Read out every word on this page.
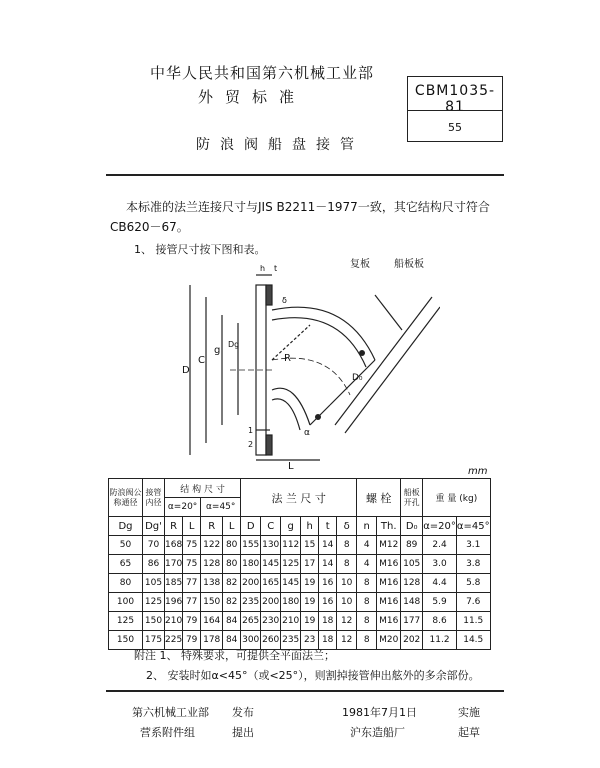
中华人民共和国第六机械工业部
外贸标准	CBM1035-81
55
防浪阀船盘接管
本标准的法兰连接尺寸与JIS B2211－1977一致，其它结构尺寸符合
CB620－67。
1、 接管尺寸按下图和表。
复板 船板板
D
C
g
Dg
R
L
h t
D₀
α
δ
1
2
mm
防浪阀公称通径	接管内径	结 构 尺 寸				法 兰 尺 寸						螺 栓		船板开孔	重 量 (kg)	
		α=20°		α=45°												
Dg	Dg'	R	L	R	L	D	C	g	h	t	δ	n	Th.	D₀	α=20°	α=45°
50	70	168	75	122	80	155	130	112	15	14	8	4	M12	89	2.4	3.1
65	86	170	75	128	80	180	145	125	17	14	8	4	M16	105	3.0	3.8
80	105	185	77	138	82	200	165	145	19	16	10	8	M16	128	4.4	5.8
100	125	196	77	150	82	235	200	180	19	16	10	8	M16	148	5.9	7.6
125	150	210	79	164	84	265	230	210	19	18	12	8	M16	177	8.6	11.5
150	175	225	79	178	84	300	260	235	23	18	12	8	M20	202	11.2	14.5
附注 1、 特殊要求，可提供全平面法兰；
2、 安装时如α<45°（或<25°），则割掉接管伸出舷外的多余部份。
第六机械工业部 发布
营系附件组	提出
1981年7月1日	实施
沪东造船厂	起草
